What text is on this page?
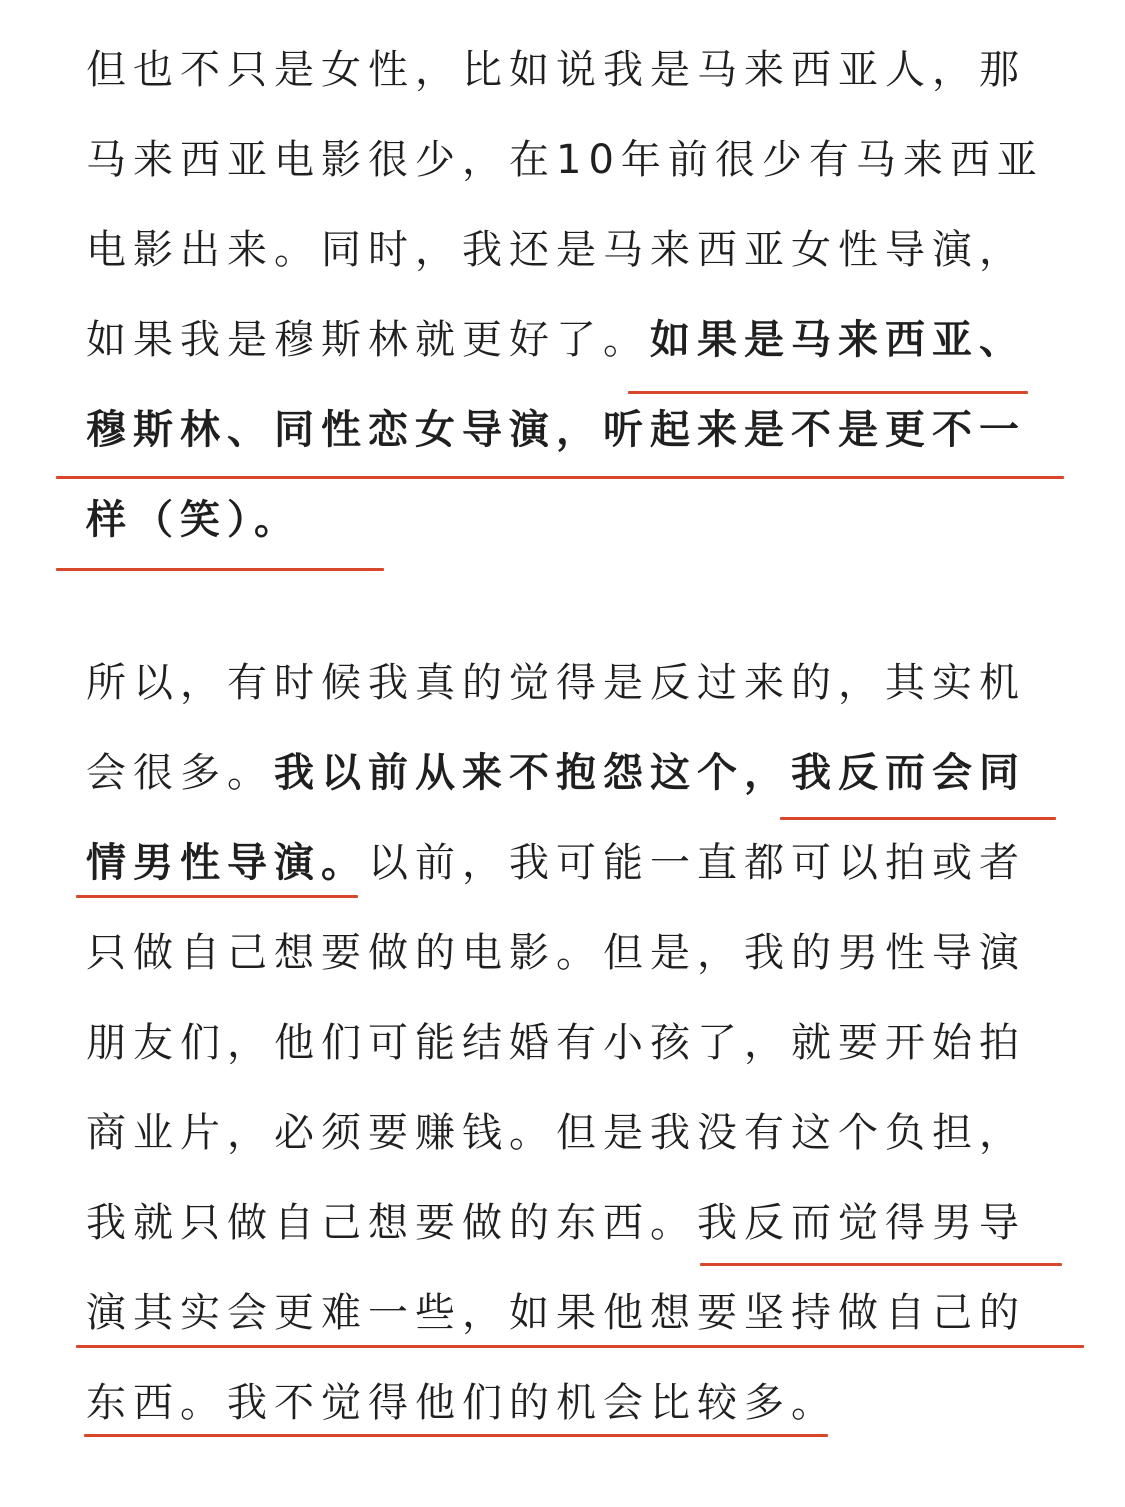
但也不只是女性，比如说我是马来西亚人，那
马来西亚电影很少，在10年前很少有马来西亚
电影出来。同时，我还是马来西亚女性导演，
如果我是穆斯林就更好了。如果是马来西亚、
穆斯林、同性恋女导演，听起来是不是更不一
样（笑）。
所以，有时候我真的觉得是反过来的，其实机
会很多。我以前从来不抱怨这个，我反而会同
情男性导演。以前，我可能一直都可以拍或者
只做自己想要做的电影。但是，我的男性导演
朋友们，他们可能结婚有小孩了，就要开始拍
商业片，必须要赚钱。但是我没有这个负担，
我就只做自己想要做的东西。我反而觉得男导
演其实会更难一些，如果他想要坚持做自己的
东西。我不觉得他们的机会比较多。
